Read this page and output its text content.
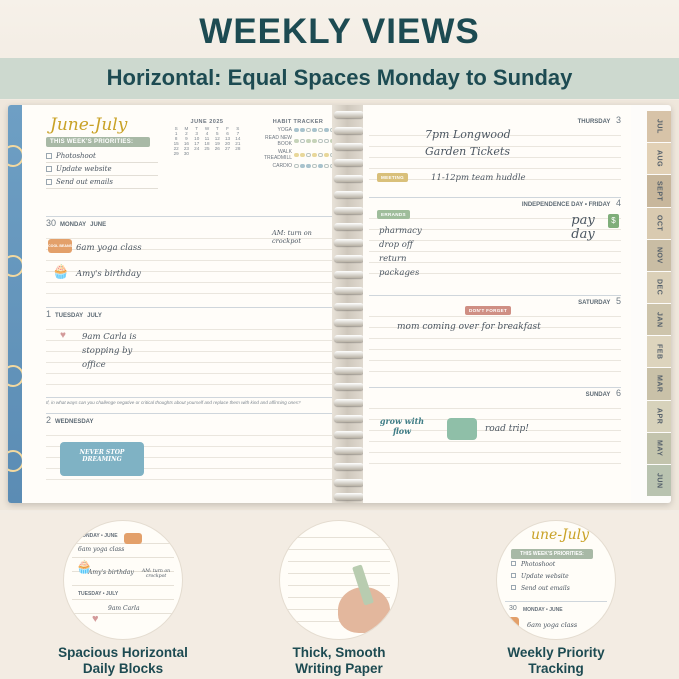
WEEKLY VIEWS
Horizontal: Equal Spaces Monday to Sunday
June-July
THIS WEEK'S PRIORITIES:
Photoshoot
Update website
Send out emails
JUNE 2025
S	M	T	W	T	F	S
1	2	3	4	5	6	7
8	9	10	11	12	13	14
15	16	17	18	19	20	21
22	23	24	25	26	27	28
29	30
HABIT TRACKER
YOGA
READ NEW BOOK
WALK TREADMILL
CARDIO
30 MONDAY JUNE
6am yoga class
Amy's birthday
AM: turn on crockpot
COOL BEANS
🧁
1 TUESDAY JULY
9am Carla is
stopping by
office
♥
If, in what ways can you challenge negative or critical thoughts about yourself and replace them with kind and affirming ones?
2 WEDNESDAY
NEVER STOP DREAMING
THURSDAY 3
7pm Longwood
Garden Tickets
MEETING	11-12pm team huddle
INDEPENDENCE DAY • FRIDAY 4
ERRANDS
pharmacy
drop off
return
packages
pay day
$
SATURDAY 5
DON'T FORGET
mom coming over for breakfast
SUNDAY 6
grow with flow	road trip!
JUL
AUG
SEPT
OCT
NOV
DEC
JAN
FEB
MAR
APR
MAY
JUN
MONDAY • JUNE
6am yoga class
Amy's birthday	AM: turn on crockpot
TUESDAY • JULY
9am Carla
🧁
♥
Spacious Horizontal
Daily Blocks
Thick, Smooth
Writing Paper
une-July
THIS WEEK'S PRIORITIES:
Photoshoot
Update website
Send out emails
30 MONDAY • JUNE
6am yoga class
Weekly Priority
Tracking
